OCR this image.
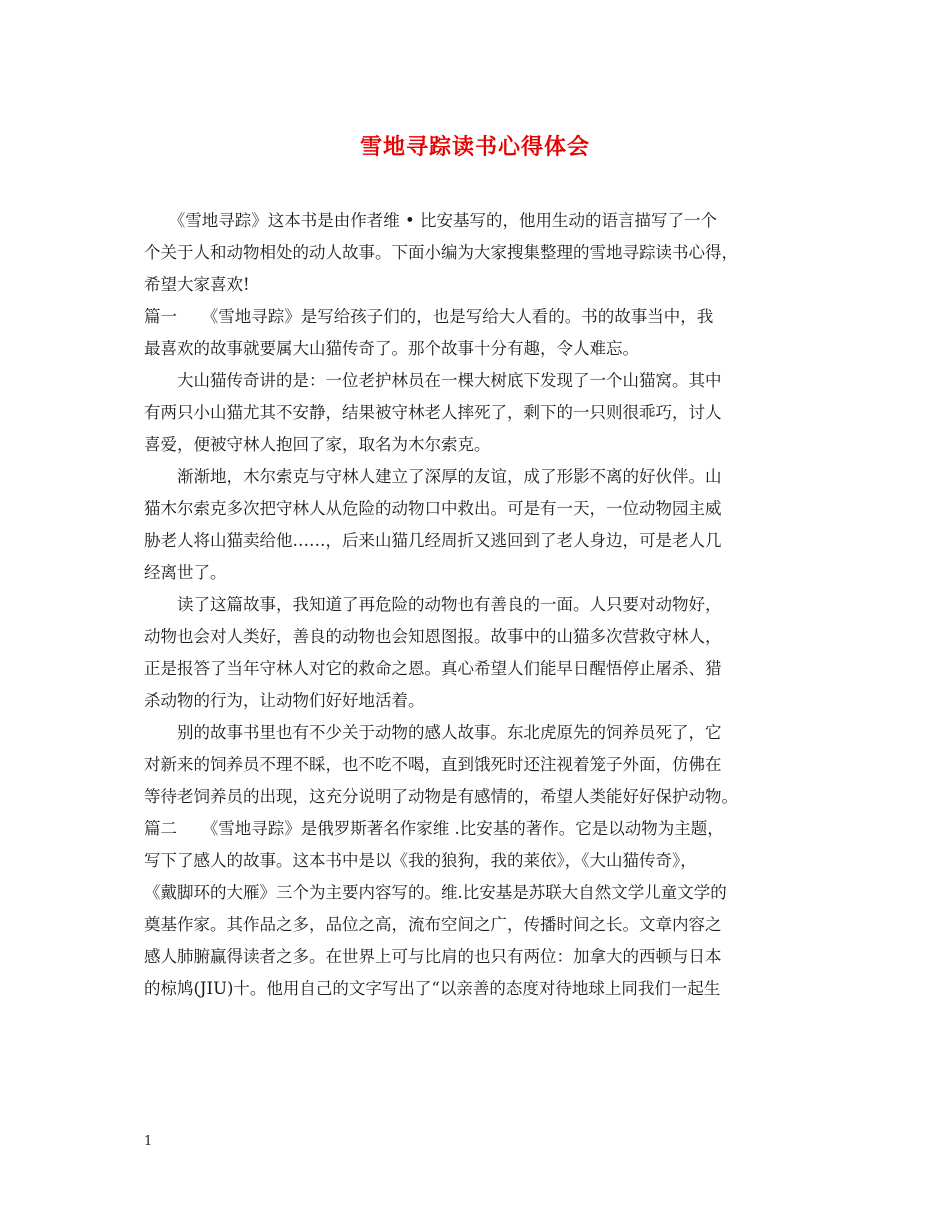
雪地寻踪读书心得体会
　　《雪地寻踪》这本书是由作者维 • 比安基写的，他用生动的语言描写了一个
个关于人和动物相处的动人故事。下面小编为大家搜集整理的雪地寻踪读书心得，
希望大家喜欢!
篇一　　《雪地寻踪》是写给孩子们的，也是写给大人看的。书的故事当中，我
最喜欢的故事就要属大山猫传奇了。那个故事十分有趣，令人难忘。
　　大山猫传奇讲的是：一位老护林员在一棵大树底下发现了一个山猫窝。其中
有两只小山猫尤其不安静，结果被守林老人摔死了，剩下的一只则很乖巧，讨人
喜爱，便被守林人抱回了家，取名为木尔索克。
　　渐渐地，木尔索克与守林人建立了深厚的友谊，成了形影不离的好伙伴。山
猫木尔索克多次把守林人从危险的动物口中救出。可是有一天，一位动物园主威
胁老人将山猫卖给他……，后来山猫几经周折又逃回到了老人身边，可是老人几
经离世了。
　　读了这篇故事，我知道了再危险的动物也有善良的一面。人只要对动物好，
动物也会对人类好，善良的动物也会知恩图报。故事中的山猫多次营救守林人，
正是报答了当年守林人对它的救命之恩。真心希望人们能早日醒悟停止屠杀、猎
杀动物的行为，让动物们好好地活着。
　　别的故事书里也有不少关于动物的感人故事。东北虎原先的饲养员死了，它
对新来的饲养员不理不睬，也不吃不喝，直到饿死时还注视着笼子外面，仿佛在
等待老饲养员的出现，这充分说明了动物是有感情的，希望人类能好好保护动物。
篇二　　《雪地寻踪》是俄罗斯著名作家维 .比安基的著作。它是以动物为主题，
写下了感人的故事。这本书中是以《我的狼狗，我的莱依》，《大山猫传奇》，
《戴脚环的大雁》三个为主要内容写的。维.比安基是苏联大自然文学儿童文学的
奠基作家。其作品之多，品位之高，流布空间之广，传播时间之长。文章内容之
感人肺腑赢得读者之多。在世界上可与比肩的也只有两位：加拿大的西顿与日本
的椋鸠(JIU)十。他用自己的文字写出了“以亲善的态度对待地球上同我们一起生
1
